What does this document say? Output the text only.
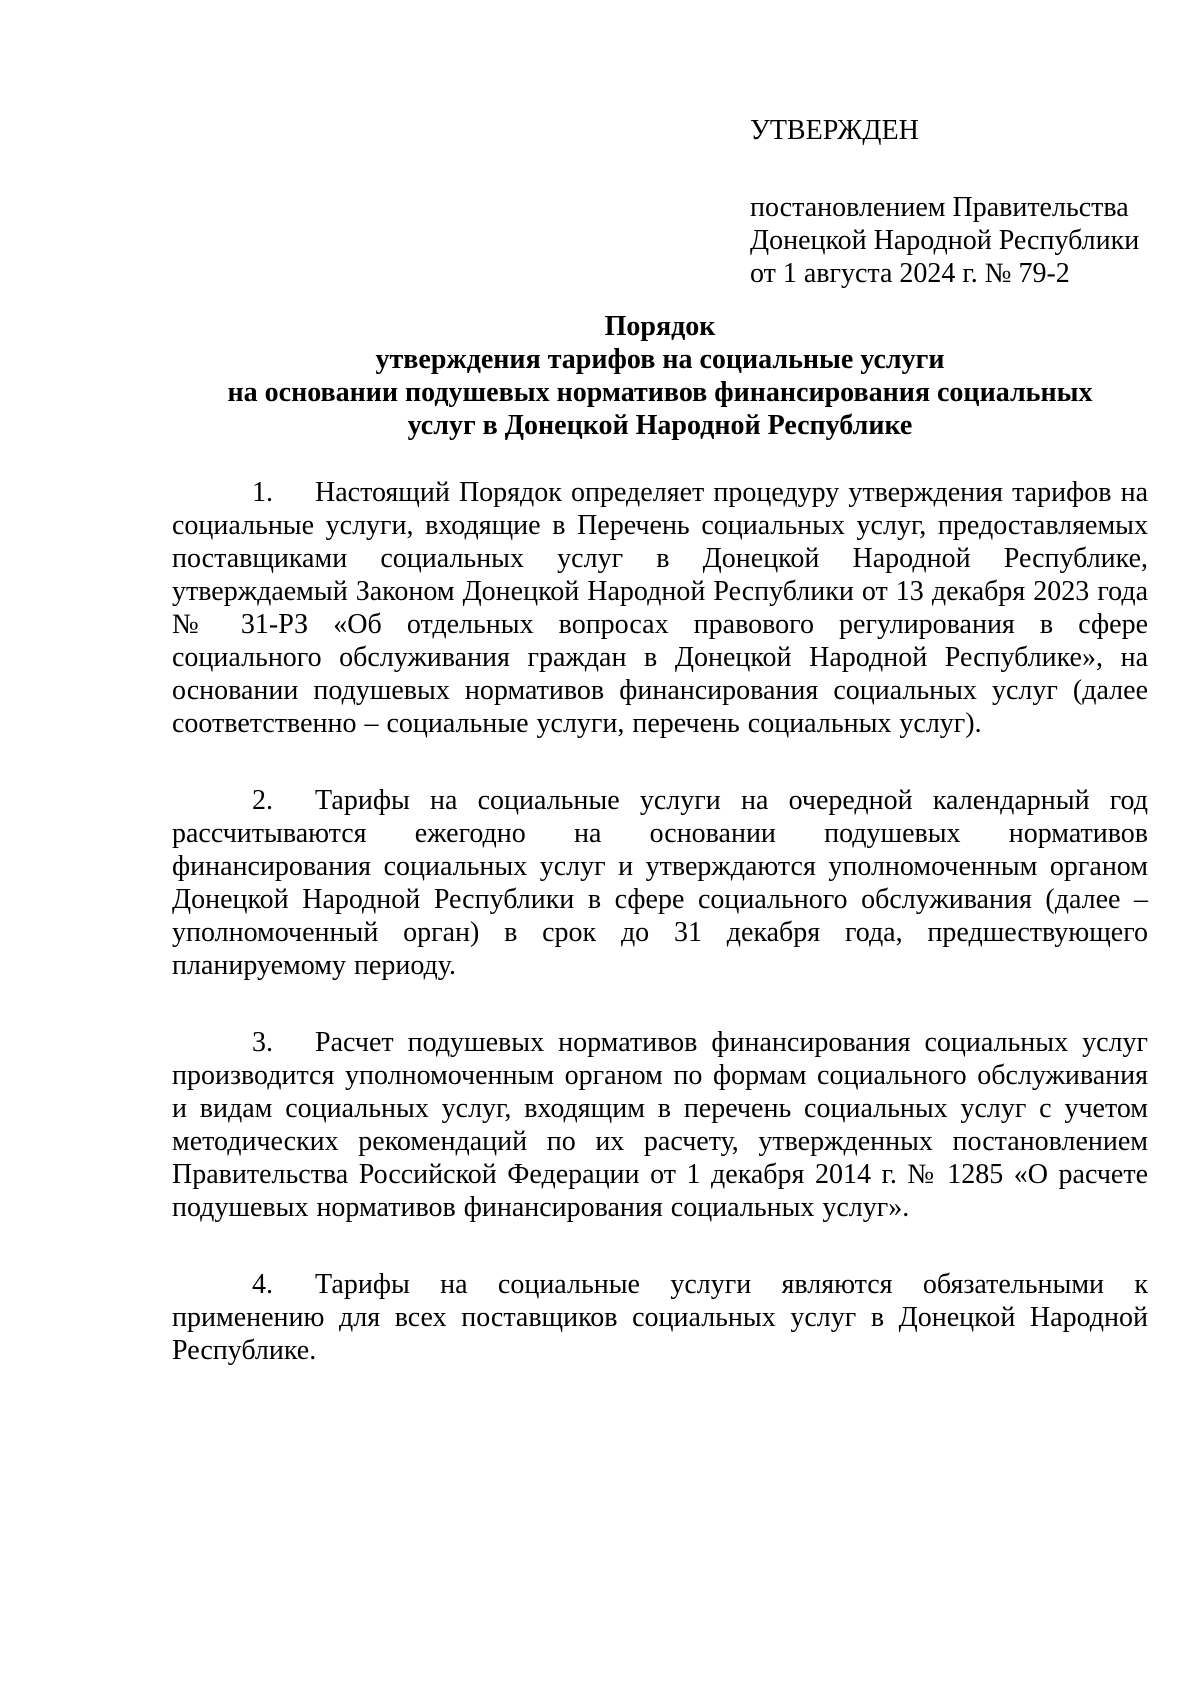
УТВЕРЖДЕН
постановлением Правительства
Донецкой Народной Республики
от 1 августа 2024 г. № 79-2
Порядок
утверждения тарифов на социальные услуги
на основании подушевых нормативов финансирования социальных
услуг в Донецкой Народной Республике

1. Настоящий Порядок определяет процедуру утверждения тарифов на социальные услуги, входящие в Перечень социальных услуг, предоставляемых поставщиками социальных услуг в Донецкой Народной Республике, утверждаемый Законом Донецкой Народной Республики от 13 декабря 2023 года № 31-РЗ «Об отдельных вопросах правового регулирования в сфере социального обслуживания граждан в Донецкой Народной Республике», на основании подушевых нормативов финансирования социальных услуг (далее соответственно – социальные услуги, перечень социальных услуг).

2. Тарифы на социальные услуги на очередной календарный год рассчитываются ежегодно на основании подушевых нормативов финансирования социальных услуг и утверждаются уполномоченным органом Донецкой Народной Республики в сфере социального обслуживания (далее – уполномоченный орган) в срок до 31 декабря года, предшествующего планируемому периоду.

3. Расчет подушевых нормативов финансирования социальных услуг производится уполномоченным органом по формам социального обслуживания и видам социальных услуг, входящим в перечень социальных услуг с учетом методических рекомендаций по их расчету, утвержденных постановлением Правительства Российской Федерации от 1 декабря 2014 г. № 1285 «О расчете подушевых нормативов финансирования социальных услуг».

4. Тарифы на социальные услуги являются обязательными к применению для всех поставщиков социальных услуг в Донецкой Народной Республике.
